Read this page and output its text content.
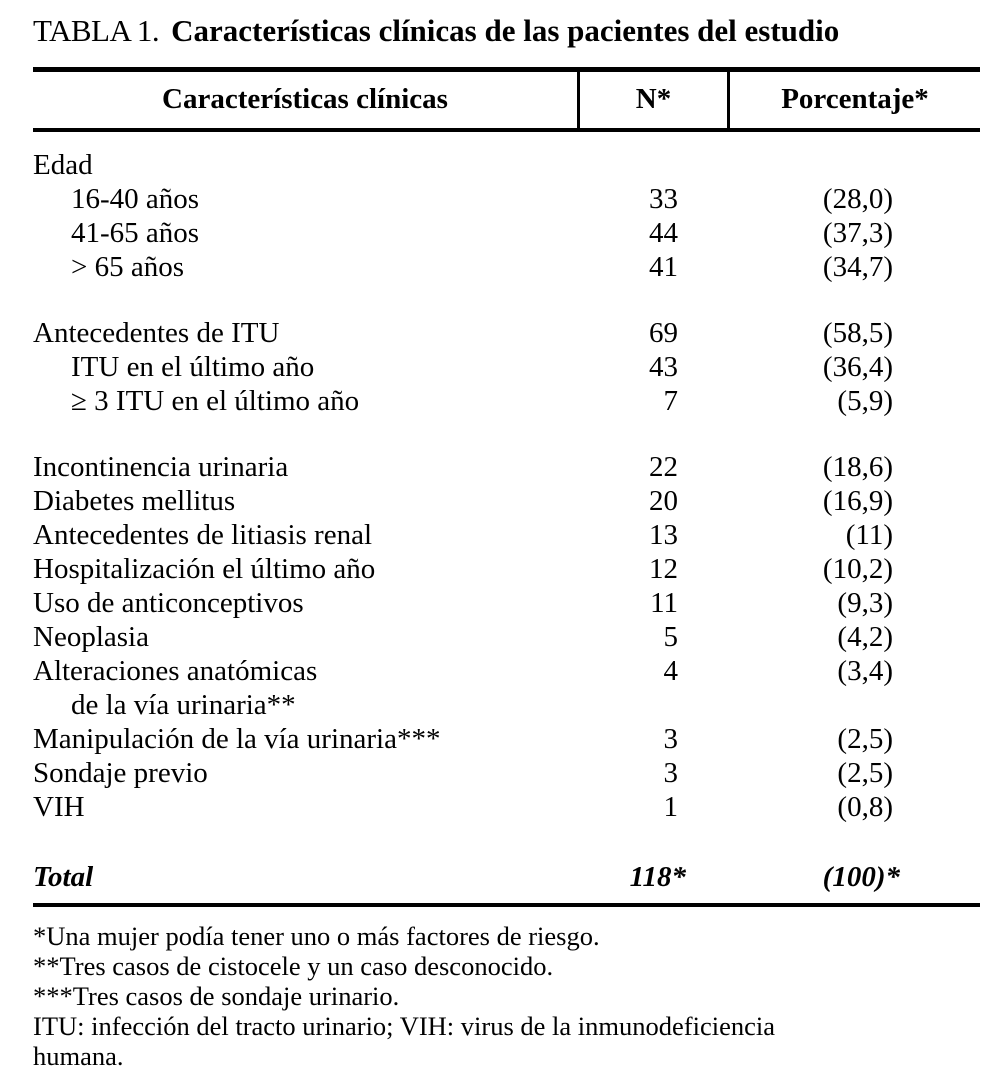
TABLA 1. Características clínicas de las pacientes del estudio
Características clínicas	N*	Porcentaje*
Edad
16-40 años	33	(28,0)
41-65 años	44	(37,3)
> 65 años	41	(34,7)
Antecedentes de ITU	69	(58,5)
ITU en el último año	43	(36,4)
≥ 3 ITU en el último año	7	(5,9)
Incontinencia urinaria	22	(18,6)
Diabetes mellitus	20	(16,9)
Antecedentes de litiasis renal	13	(11)
Hospitalización el último año	12	(10,2)
Uso de anticonceptivos	11	(9,3)
Neoplasia	5	(4,2)
Alteraciones anatómicas	4	(3,4)
de la vía urinaria**
Manipulación de la vía urinaria***	3	(2,5)
Sondaje previo	3	(2,5)
VIH	1	(0,8)
Total	118*	(100)*
*Una mujer podía tener uno o más factores de riesgo.
**Tres casos de cistocele y un caso desconocido.
***Tres casos de sondaje urinario.
ITU: infección del tracto urinario; VIH: virus de la inmunodeficiencia
humana.
